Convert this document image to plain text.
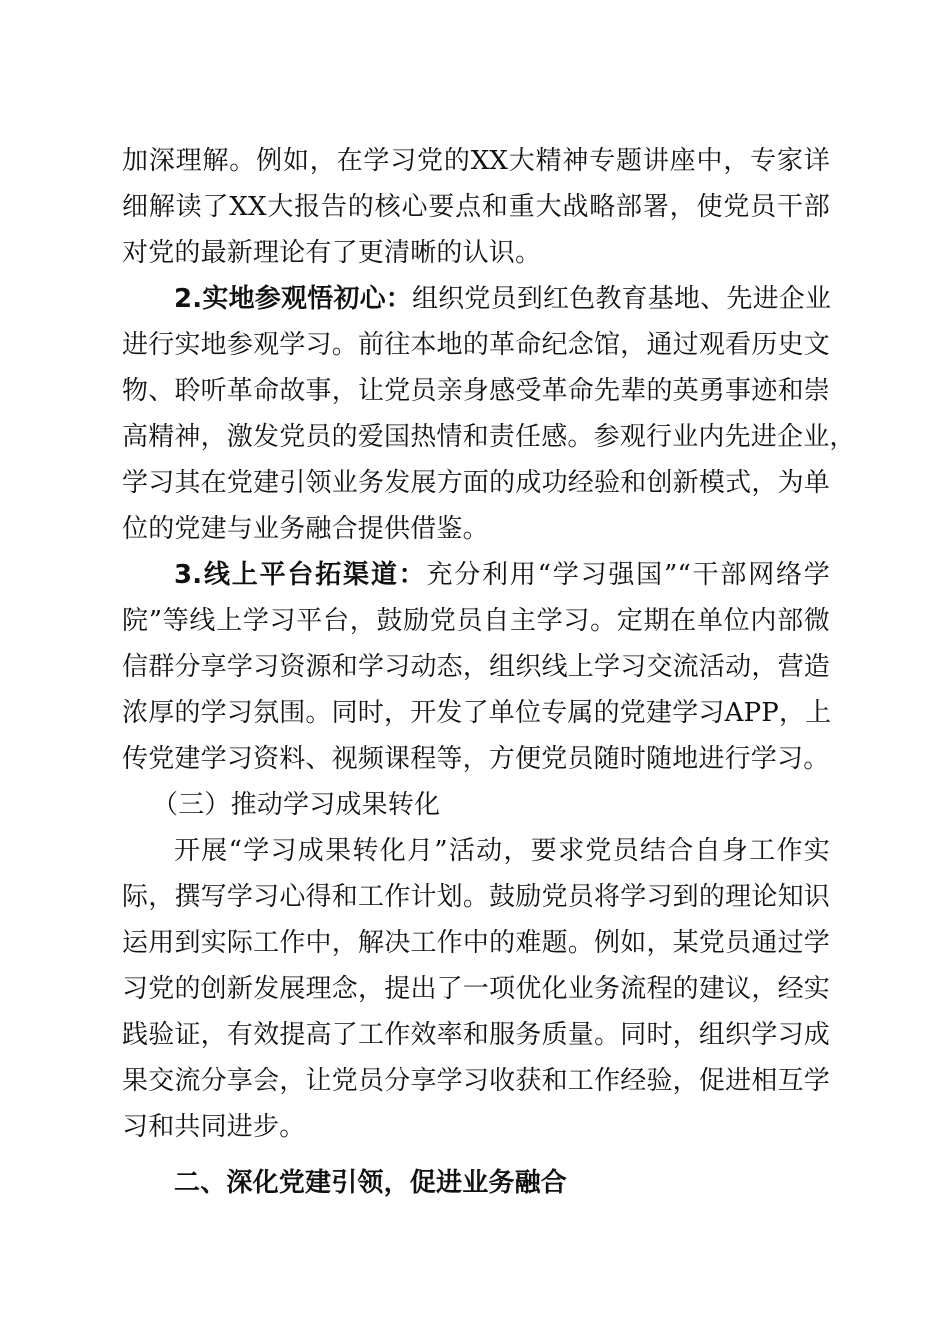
加深理解。例如，在学习党的XX大精神专题讲座中，专家详
细解读了XX大报告的核心要点和重大战略部署，使党员干部
对党的最新理论有了更清晰的认识。
2.实地参观悟初心：组织党员到红色教育基地、先进企业
进行实地参观学习。前往本地的革命纪念馆，通过观看历史文
物、聆听革命故事，让党员亲身感受革命先辈的英勇事迹和崇
高精神，激发党员的爱国热情和责任感。参观行业内先进企业，
学习其在党建引领业务发展方面的成功经验和创新模式，为单
位的党建与业务融合提供借鉴。
3.线上平台拓渠道：充分利用“学习强国”“干部网络学
院”等线上学习平台，鼓励党员自主学习。定期在单位内部微
信群分享学习资源和学习动态，组织线上学习交流活动，营造
浓厚的学习氛围。同时，开发了单位专属的党建学习APP，上
传党建学习资料、视频课程等，方便党员随时随地进行学习。
（三）推动学习成果转化
开展“学习成果转化月”活动，要求党员结合自身工作实
际，撰写学习心得和工作计划。鼓励党员将学习到的理论知识
运用到实际工作中，解决工作中的难题。例如，某党员通过学
习党的创新发展理念，提出了一项优化业务流程的建议，经实
践验证，有效提高了工作效率和服务质量。同时，组织学习成
果交流分享会，让党员分享学习收获和工作经验，促进相互学
习和共同进步。
二、深化党建引领，促进业务融合
